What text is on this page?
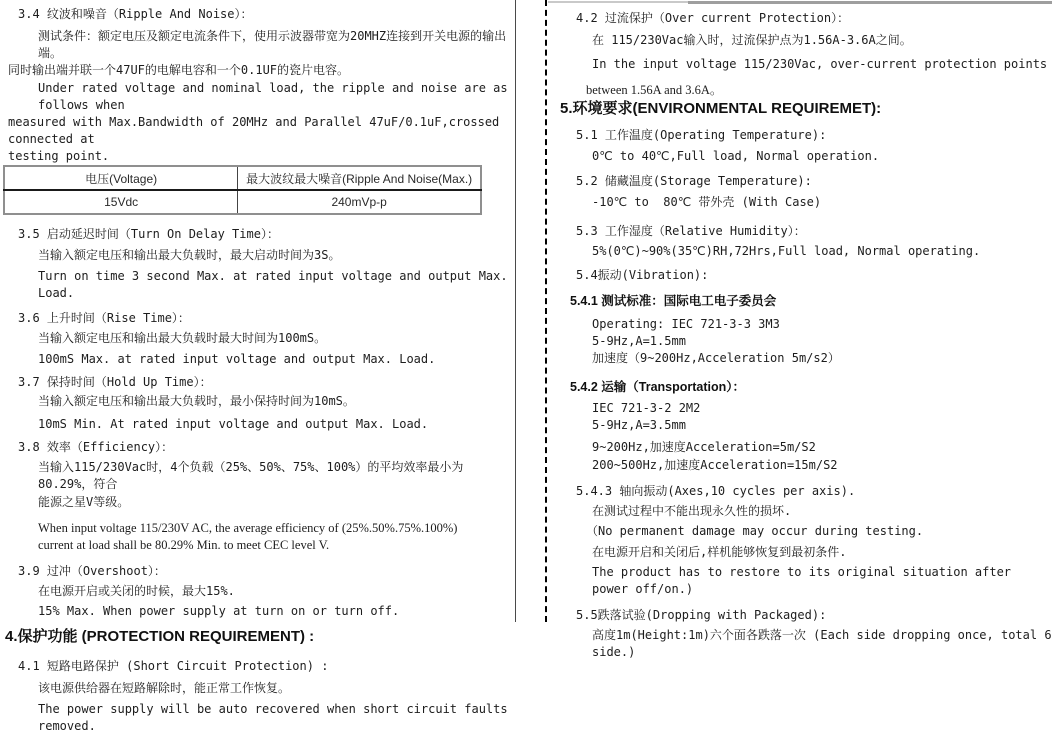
3.4 纹波和噪音（Ripple And Noise）：
测试条件：额定电压及额定电流条件下，使用示波器带宽为20MHZ连接到开关电源的输出端。
同时输出端并联一个47UF的电解电容和一个0.1UF的瓷片电容。
Under rated voltage and nominal load, the ripple and noise are as follows when
measured with Max.Bandwidth of 20MHz and Parallel 47uF/0.1uF,crossed connected at
testing point.
电压(Voltage)	最大波纹最大噪音(Ripple And Noise(Max.)
15Vdc	240mVp-p
3.5 启动延迟时间（Turn On Delay Time）：
当输入额定电压和输出最大负载时，最大启动时间为3S。
Turn on time 3 second Max. at rated input voltage and output Max. Load.
3.6 上升时间（Rise Time）：
当输入额定电压和输出最大负载时最大时间为100mS。
100mS Max. at rated input voltage and output Max. Load.
3.7 保持时间（Hold Up Time）：
当输入额定电压和输出最大负载时，最小保持时间为10mS。
10mS Min. At rated input voltage and output Max. Load.
3.8 效率（Efficiency）：
当输入115/230Vac时，4个负载（25%、50%、75%、100%）的平均效率最小为80.29%，符合
能源之星V等级。
When input voltage 115/230V AC, the average efficiency of (25%.50%.75%.100%)
current at load shall be 80.29% Min. to meet CEC level V.
3.9 过冲（Overshoot）：
在电源开启或关闭的时候，最大15%.
15% Max. When power supply at turn on or turn off.
4.保护功能 (PROTECTION REQUIREMENT) :
4.1 短路电路保护 (Short Circuit Protection) :
该电源供给器在短路解除时，能正常工作恢复。
The power supply will be auto recovered when short circuit faults removed.
4.2 过流保护（Over current Protection）：
在 115/230Vac输入时，过流保护点为1.56A-3.6A之间。
In the input voltage 115/230Vac, over-current protection points
between 1.56A and 3.6A。
5.环境要求(ENVIRONMENTAL REQUIREMET):
5.1 工作温度(Operating Temperature):
0℃ to 40℃,Full load, Normal operation.
5.2 储藏温度(Storage Temperature):
-10℃ to  80℃ 带外壳 (With Case)
5.3 工作湿度（Relative Humidity）：
5%(0℃)~90%(35℃)RH,72Hrs,Full load, Normal operating.
5.4振动(Vibration):
5.4.1 测试标准：国际电工电子委员会
Operating: IEC 721-3-3 3M3
5-9Hz,A=1.5mm
加速度（9~200Hz,Acceleration 5m/s2）
5.4.2 运输（Transportation）：
IEC 721-3-2 2M2
5-9Hz,A=3.5mm
9~200Hz,加速度Acceleration=5m/S2
200~500Hz,加速度Acceleration=15m/S2
5.4.3 轴向振动(Axes,10 cycles per axis).
在测试过程中不能出现永久性的损坏.
（No permanent damage may occur during testing.
在电源开启和关闭后,样机能够恢复到最初条件.
The product has to restore to its original situation after power off/on.)
5.5跌落试验(Dropping with Packaged):
高度1m(Height:1m)六个面各跌落一次 (Each side dropping once, total 6 side.)
